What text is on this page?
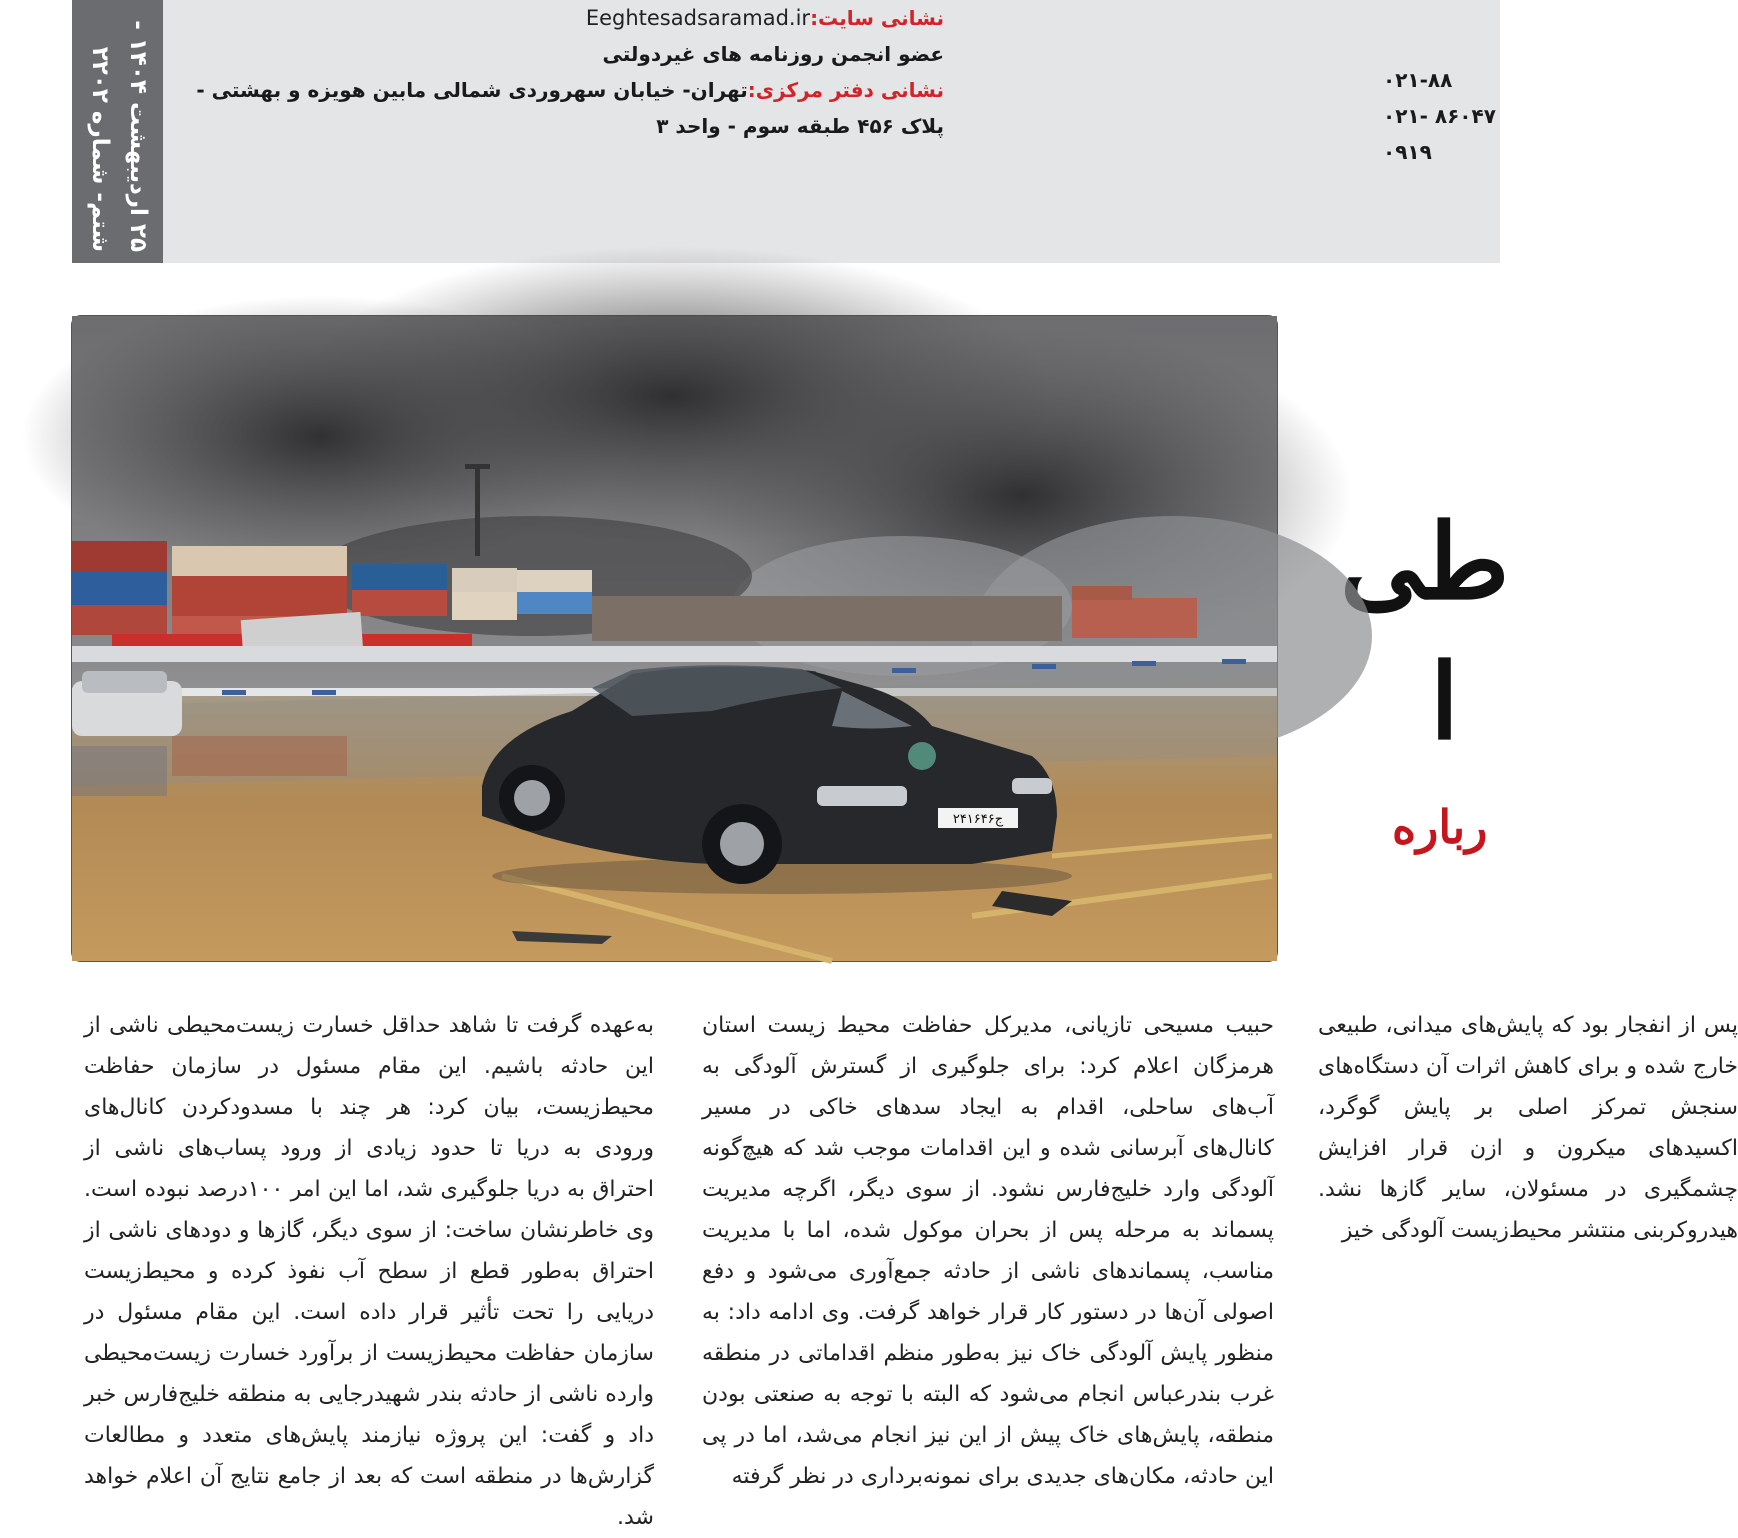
۲۵ اردیبهشت ۱۴۰۴ -
شتم- شماره ۲۲۰۲
نشانی سایت:Eeghtesadsaramad.ir
عضو انجمن روزنامه های غیردولتی
نشانی دفتر مرکزی:تهران- خیابان سهروردی شمالی مابین هویزه و بهشتی -
پلاک ۴۵۶ طبقه سوم - واحد ۳
۰۲۱-۸۸
۰۲۱- ۸۶۰۴۷
۰۹۱۹
طی
ا
رباره
۲۴۱ج۶۴۶
حبیب مسیحی تازیانی، مدیرکل حفاظت محیط زیست استان هرمزگان اعلام کرد: برای جلوگیری از گسترش آلودگی به آب‌های ساحلی، اقدام به ایجاد سدهای خاکی در مسیر کانال‌های آبرسانی شده و این اقدامات موجب شد که هیچ‌گونه آلودگی وارد خلیج‌فارس نشود. از سوی دیگر، اگرچه مدیریت پسماند به مرحله پس از بحران موکول شده، اما با مدیریت مناسب، پسماندهای ناشی از حادثه جمع‌آوری می‌شود و دفع اصولی آن‌ها در دستور کار قرار خواهد گرفت. وی ادامه داد: به منظور پایش آلودگی خاک نیز به‌طور منظم اقداماتی در منطقه غرب بندرعباس انجام می‌شود که البته با توجه به صنعتی بودن منطقه، پایش‌های خاک پیش از این نیز انجام می‌شد، اما در پی این حادثه، مکان‌های جدیدی برای نمونه‌برداری در نظر گرفته
به‌عهده گرفت تا شاهد حداقل خسارت زیست‌محیطی ناشی از این حادثه باشیم. این مقام مسئول در سازمان حفاظت محیط‌زیست، بیان کرد: هر چند با مسدودکردن کانال‌های ورودی به دریا تا حدود زیادی از ورود پساب‌های ناشی از احتراق به دریا جلوگیری شد، اما این امر ۱۰۰درصد نبوده است. وی خاطرنشان ساخت: از سوی دیگر، گازها و دودهای ناشی از احتراق به‌طور قطع از سطح آب نفوذ کرده و محیط‌زیست دریایی را تحت تأثیر قرار داده است. این مقام مسئول در سازمان حفاظت محیط‌زیست از برآورد خسارت زیست‌محیطی وارده ناشی از حادثه بندر شهیدرجایی به منطقه خلیج‌فارس خبر داد و گفت: این پروژه نیازمند پایش‌های متعدد و مطالعات گزارش‌ها در منطقه است که بعد از جامع نتایج آن اعلام خواهد شد.
پس از انفجار بود که پایش‌های میدانی، طبیعی خارج شده و برای کاهش اثرات آن دستگاه‌های سنجش تمرکز اصلی بر پایش گوگرد، اکسیدهای میکرون و ازن قرار افزایش چشمگیری در مسئولان، سایر گازها نشد. هیدروکربنی منتشر محیط‌زیست آلودگی خیز
